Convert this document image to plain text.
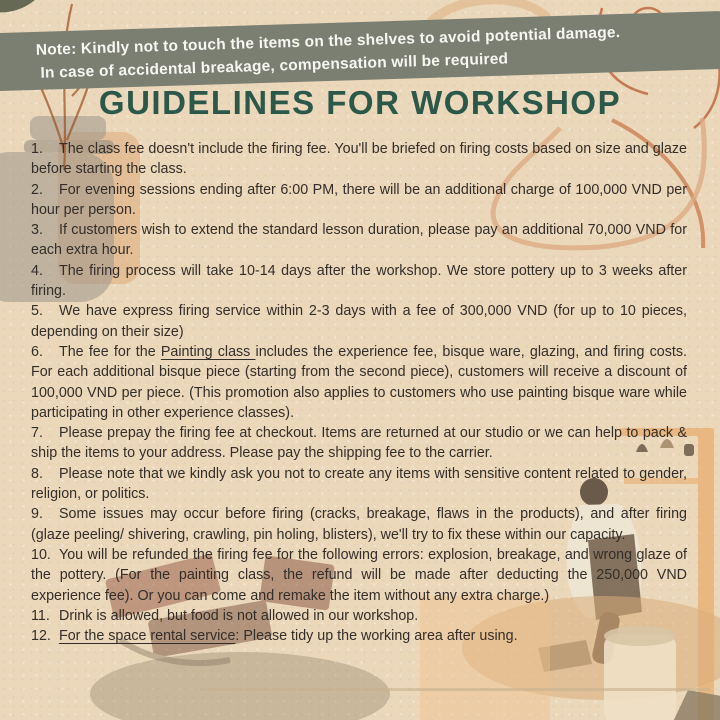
Note: Kindly not to touch the items on the shelves to avoid potential damage.
In case of accidental breakage, compensation will be required
GUIDELINES FOR WORKSHOP

1. The class fee doesn't include the firing fee. You'll be briefed on firing costs based on size and glaze before starting the class.

2. For evening sessions ending after 6:00 PM, there will be an additional charge of 100,000 VND per hour per person.

3. If customers wish to extend the standard lesson duration, please pay an additional 70,000 VND for each extra hour.

4. The firing process will take 10-14 days after the workshop. We store pottery up to 3 weeks after firing.

5. We have express firing service within 2-3 days with a fee of 300,000 VND (for up to 10 pieces, depending on their size)

6. The fee for the Painting class includes the experience fee, bisque ware, glazing, and firing costs. For each additional bisque piece (starting from the second piece), customers will receive a discount of 100,000 VND per piece. (This promotion also applies to customers who use painting bisque ware while participating in other experience classes).

7. Please prepay the firing fee at checkout. Items are returned at our studio or we can help to pack & ship the items to your address. Please pay the shipping fee to the carrier.

8. Please note that we kindly ask you not to create any items with sensitive content related to gender, religion, or politics.

9. Some issues may occur before firing (cracks, breakage, flaws in the products), and after firing (glaze peeling/ shivering, crawling, pin holing, blisters), we'll try to fix these within our capacity.

10. You will be refunded the firing fee for the following errors: explosion, breakage, and wrong glaze of the pottery. (For the painting class, the refund will be made after deducting the 250,000 VND experience fee). Or you can come and remake the item without any extra charge.)

11. Drink is allowed, but food is not allowed in our workshop.

12. For the space rental service: Please tidy up the working area after using.
